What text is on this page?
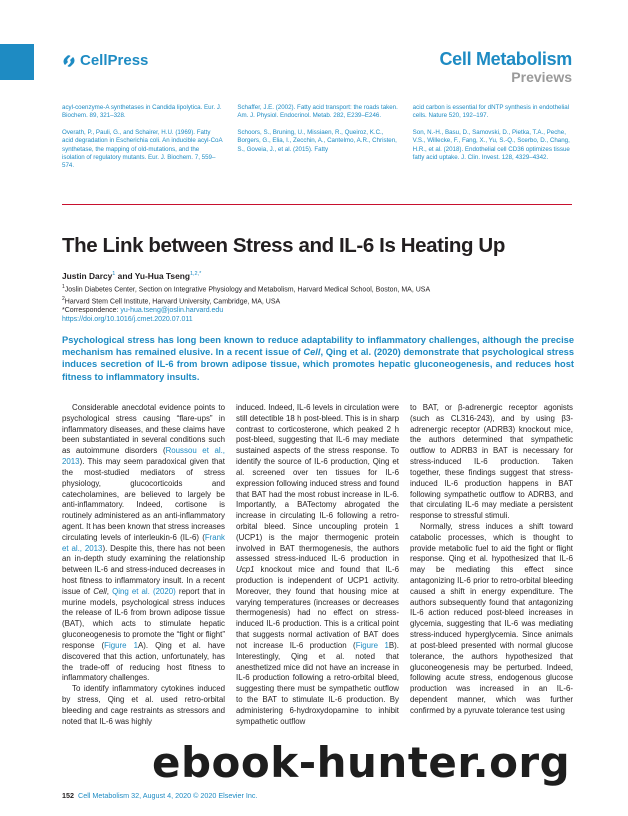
CellPress	Cell Metabolism
Previews
acyl-coenzyme-A synthetases in Candida lipolytica. Eur. J. Biochem. 89, 321–328.
Overath, P., Pauli, G., and Schairer, H.U. (1969). Fatty acid degradation in Escherichia coli. An inducible acyl-CoA synthetase, the mapping of old-mutations, and the isolation of regulatory mutants. Eur. J. Biochem. 7, 559–574.
Schaffer, J.E. (2002). Fatty acid transport: the roads taken. Am. J. Physiol. Endocrinol. Metab. 282, E239–E246.
Schoors, S., Bruning, U., Missiaen, R., Queiroz, K.C., Borgers, G., Elia, I., Zecchin, A., Cantelmo, A.R., Christen, S., Goveia, J., et al. (2015). Fatty
acid carbon is essential for dNTP synthesis in endothelial cells. Nature 520, 192–197.
Son, N.-H., Basu, D., Samovski, D., Pietka, T.A., Peche, V.S., Willecke, F., Fang, X., Yu, S.-Q., Scerbo, D., Chang, H.R., et al. (2018). Endothelial cell CD36 optimizes tissue fatty acid uptake. J. Clin. Invest. 128, 4329–4342.
The Link between Stress and IL-6 Is Heating Up
Justin Darcy$^1$ and Yu-Hua Tseng$^{1,2,*}$
$^1$Joslin Diabetes Center, Section on Integrative Physiology and Metabolism, Harvard Medical School, Boston, MA, USA
$^2$Harvard Stem Cell Institute, Harvard University, Cambridge, MA, USA
*Correspondence: yu-hua.tseng@joslin.harvard.edu
https://doi.org/10.1016/j.cmet.2020.07.011

Psychological stress has long been known to reduce adaptability to inflammatory challenges, although the precise mechanism has remained elusive. In a recent issue of Cell, Qing et al. (2020) demonstrate that psychological stress induces secretion of IL-6 from brown adipose tissue, which promotes hepatic gluconeogenesis, and reduces host fitness to inflammatory insults.

Considerable anecdotal evidence points to psychological stress causing “flare-ups” in inflammatory diseases, and these claims have been substantiated in several conditions such as autoimmune disorders (Roussou et al., 2013). This may seem paradoxical given that the most-studied mediators of stress physiology, glucocorticoids and catecholamines, are believed to largely be anti-inflammatory. Indeed, cortisone is routinely administered as an anti-inflammatory agent. It has been known that stress increases circulating levels of interleukin-6 (IL-6) (Frank et al., 2013). Despite this, there has not been an in-depth study examining the relationship between IL-6 and stress-induced decreases in host fitness to inflammatory insult. In a recent issue of Cell, Qing et al. (2020) report that in murine models, psychological stress induces the release of IL-6 from brown adipose tissue (BAT), which acts to stimulate hepatic gluconeogenesis to promote the “fight or flight” response (Figure 1A). Qing et al. have discovered that this action, unfortunately, has the trade-off of reducing host fitness to inflammatory challenges.

To identify inflammatory cytokines induced by stress, Qing et al. used retro-orbital bleeding and cage restraints as stressors and noted that IL-6 was highly

induced. Indeed, IL-6 levels in circulation were still detectible 18 h post-bleed. This is in sharp contrast to corticosterone, which peaked 2 h post-bleed, suggesting that IL-6 may mediate sustained aspects of the stress response. To identify the source of IL-6 production, Qing et al. screened over ten tissues for IL-6 expression following induced stress and found that BAT had the most robust increase in IL-6. Importantly, a BATectomy abrogated the increase in circulating IL-6 following a retro-orbital bleed. Since uncoupling protein 1 (UCP1) is the major thermogenic protein involved in BAT thermogenesis, the authors assessed stress-induced IL-6 production in Ucp1 knockout mice and found that IL-6 production is independent of UCP1 activity. Moreover, they found that housing mice at varying temperatures (increases or decreases thermogenesis) had no effect on stress-induced IL-6 production. This is a critical point that suggests normal activation of BAT does not increase IL-6 production (Figure 1B). Interestingly, Qing et al. noted that anesthetized mice did not have an increase in IL-6 production following a retro-orbital bleed, suggesting there must be sympathetic outflow to the BAT to stimulate IL-6 production. By administering 6-hydroxydopamine to inhibit sympathetic outflow

to BAT, or β-adrenergic receptor agonists (such as CL316-243), and by using β3-adrenergic receptor (ADRB3) knockout mice, the authors determined that sympathetic outflow to ADRB3 in BAT is necessary for stress-induced IL-6 production. Taken together, these findings suggest that stress-induced IL-6 production happens in BAT following sympathetic outflow to ADRB3, and that circulating IL-6 may mediate a persistent response to stressful stimuli.

Normally, stress induces a shift toward catabolic processes, which is thought to provide metabolic fuel to aid the fight or flight response. Qing et al. hypothesized that IL-6 may be mediating this effect since antagonizing IL-6 prior to retro-orbital bleeding caused a shift in energy expenditure. The authors subsequently found that antagonizing IL-6 action reduced post-bleed increases in glycemia, suggesting that IL-6 was mediating stress-induced hyperglycemia. Since animals at post-bleed presented with normal glucose tolerance, the authors hypothesized that gluconeogenesis may be perturbed. Indeed, following acute stress, endogenous glucose production was increased in an IL-6-dependent manner, which was further confirmed by a pyruvate tolerance test using

152 Cell Metabolism 32, August 4, 2020 © 2020 Elsevier Inc.
ebook-hunter.org
